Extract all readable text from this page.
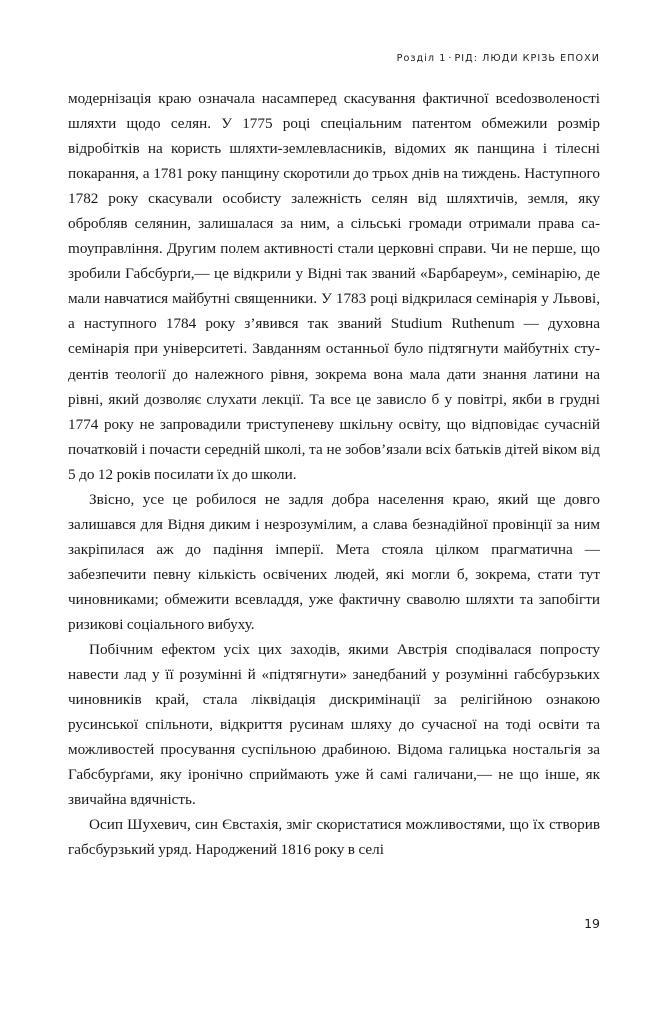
Розділ 1 · РІД: ЛЮДИ КРІЗЬ ЕПОХИ

модернізація краю означала насамперед скасування фактичної всеdозволеності шляхти щодо селян. У 1775 році спеціальним патентом обмежили розмір відробітків на користь шляхти-землевласників, відомих як панщина і тілесні покарання, а 1781 року панщину скоротили до трьох днів на тиждень. Наступного 1782 року скасували особисту залежність селян від шляхтичів, земля, яку обробляв селянин, залишалася за ним, а сільські громади отримали права саmоуправління. Другим полем активності стали церковні справи. Чи не перше, що зробили Габсбурґи,— це відкрили у Відні так званий «Барбареум», семінарію, де мали навчатися майбутні священники. У 1783 році відкрилася семінарія у Львові, а наступного 1784 року з’явився так званий Studium Ruthenum — духовна семінарія при університеті. Завданням останньої було підтягнути майбутніх студентів теології до належного рівня, зокрема вона мала дати знання латини на рівні, який дозволяє слухати лекції. Та все це зависло б у повітрі, якби в грудні 1774 року не запровадили триступеневу шкільну освіту, що відповідає сучасній початковій і почасти середній школі, та не зобов’язали всіх батьків дітей віком від 5 до 12 років посилати їх до школи.

Звісно, усе це робилося не задля добра населення краю, який ще довго залишався для Відня диким і незрозумілим, а слава безнадійної провінції за ним закріпилася аж до падіння імперії. Мета стояла цілком прагматична — забезпечити певну кількість освічених людей, які могли б, зокрема, стати тут чиновниками; обмежити всевладдя, уже фактичну сваволю шляхти та запобігти ризикові соціального вибуху.

Побічним ефектом усіх цих заходів, якими Австрія сподівалася попросту навести лад у її розумінні й «підтягнути» занедбаний у розумінні габсбурзьких чиновників край, стала ліквідація дискримінації за релігійною ознакою русинської спільноти, відкриття русинам шляху до сучасної на тоді освіти та можливостей просування суспільною драбиною. Відома галицька ностальгія за Габсбурґами, яку іронічно сприймають уже й самі галичани,— не що інше, як звичайна вдячність.

Осип Шухевич, син Євстахія, зміг скористатися можливостями, що їх створив габсбурзький уряд. Народжений 1816 року в селі

19
